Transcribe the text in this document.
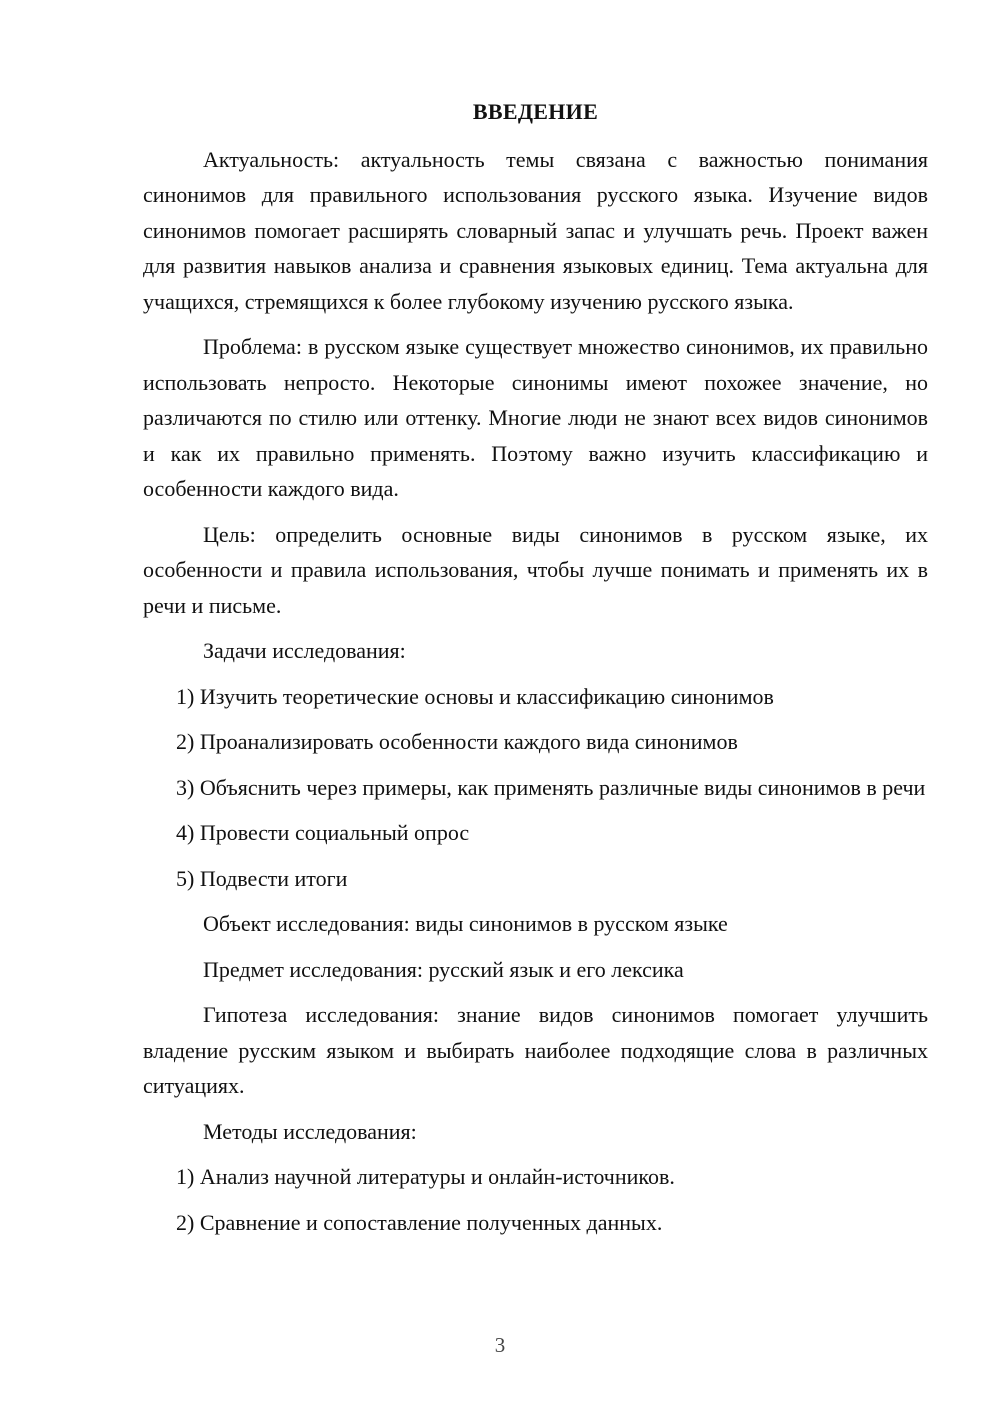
ВВЕДЕНИЕ

Актуальность: актуальность темы связана с важностью понимания синонимов для правильного использования русского языка. Изучение видов синонимов помогает расширять словарный запас и улучшать речь. Проект важен для развития навыков анализа и сравнения языковых единиц. Тема актуальна для учащихся, стремящихся к более глубокому изучению русского языка.

Проблема: в русском языке существует множество синонимов, их правильно использовать непросто. Некоторые синонимы имеют похожее значение, но различаются по стилю или оттенку. Многие люди не знают всех видов синонимов и как их правильно применять. Поэтому важно изучить классификацию и особенности каждого вида.

Цель: определить основные виды синонимов в русском языке, их особенности и правила использования, чтобы лучше понимать и применять их в речи и письме.

Задачи исследования:

1) Изучить теоретические основы и классификацию синонимов

2) Проанализировать особенности каждого вида синонимов

3) Объяснить через примеры, как применять различные виды синонимов в речи

4) Провести социальный опрос

5) Подвести итоги

Объект исследования: виды синонимов в русском языке

Предмет исследования: русский язык и его лексика

Гипотеза исследования: знание видов синонимов помогает улучшить владение русским языком и выбирать наиболее подходящие слова в различных ситуациях.

Методы исследования:

1) Анализ научной литературы и онлайн-источников.

2) Сравнение и сопоставление полученных данных.

3
